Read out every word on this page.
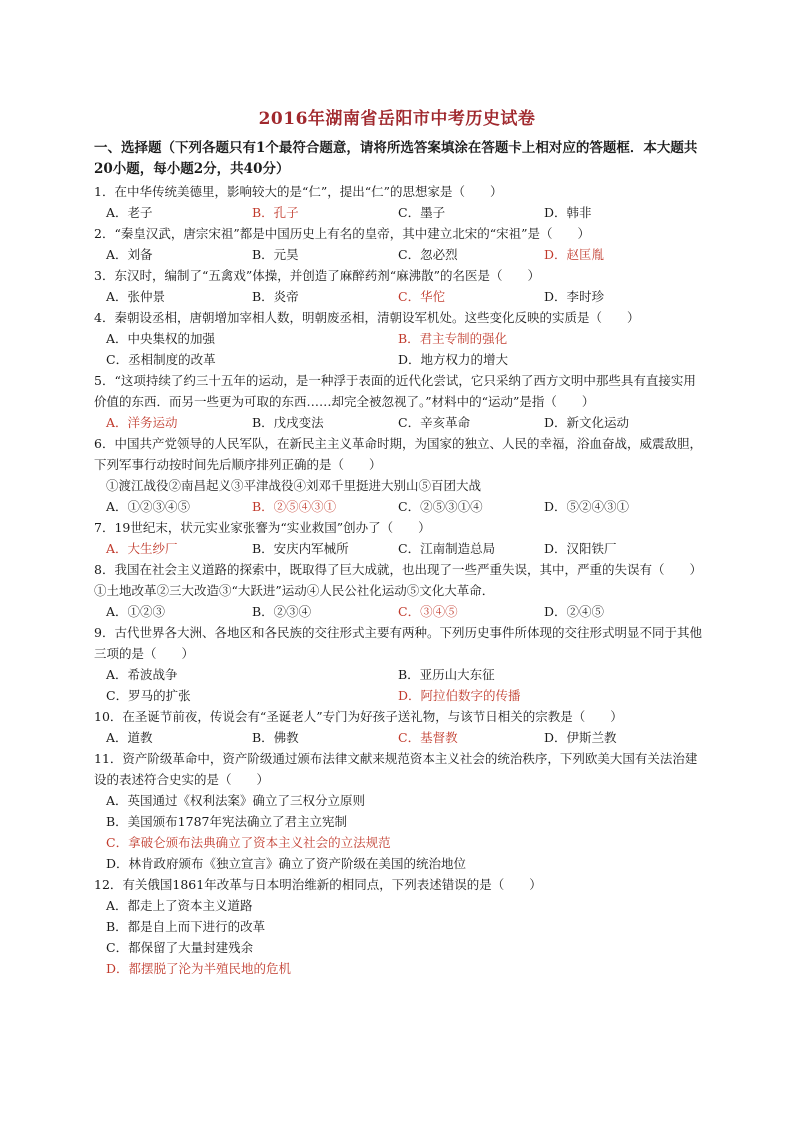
2016年湖南省岳阳市中考历史试卷
一、选择题（下列各题只有1个最符合题意，请将所选答案填涂在答题卡上相对应的答题框．本大题共20小题，每小题2分，共40分）
1．在中华传统美德里，影响较大的是“仁”，提出“仁”的思想家是（　　）
A．老子	B．孔子	C．墨子	D．韩非
2．“秦皇汉武，唐宗宋祖”都是中国历史上有名的皇帝，其中建立北宋的“宋祖”是（　　）
A．刘备	B．元昊	C．忽必烈	D．赵匡胤
3．东汉时，编制了“五禽戏”体操，并创造了麻醉药剂“麻沸散”的名医是（　　）
A．张仲景	B．炎帝	C．华佗	D．李时珍
4．秦朝设丞相，唐朝增加宰相人数，明朝废丞相，清朝设军机处。这些变化反映的实质是（　　）
A．中央集权的加强	B．君主专制的强化
C．丞相制度的改革	D．地方权力的增大
5．“这项持续了约三十五年的运动，是一种浮于表面的近代化尝试，它只采纳了西方文明中那些具有直接实用价值的东西．而另一些更为可取的东西……却完全被忽视了。”材料中的“运动”是指（　　）
A．洋务运动	B．戊戌变法	C．辛亥革命	D．新文化运动
6．中国共产党领导的人民军队，在新民主主义革命时期，为国家的独立、人民的幸福，浴血奋战，威震敌胆，下列军事行动按时间先后顺序排列正确的是（　　）
①渡江战役②南昌起义③平津战役④刘邓千里挺进大别山⑤百团大战
A．①②③④⑤	B．②⑤④③①	C．②⑤③①④	D．⑤②④③①
7．19世纪末，状元实业家张謇为“实业救国”创办了（　　）
A．大生纱厂	B．安庆内军械所	C．江南制造总局	D．汉阳铁厂
8．我国在社会主义道路的探索中，既取得了巨大成就，也出现了一些严重失误，其中，严重的失误有（　　）
①土地改革②三大改造③“大跃进”运动④人民公社化运动⑤文化大革命．
A．①②③	B．②③④	C．③④⑤	D．②④⑤
9．古代世界各大洲、各地区和各民族的交往形式主要有两种。下列历史事件所体现的交往形式明显不同于其他三项的是（　　）
A．希波战争	B．亚历山大东征
C．罗马的扩张	D．阿拉伯数字的传播
10．在圣诞节前夜，传说会有“圣诞老人”专门为好孩子送礼物，与该节日相关的宗教是（　　）
A．道教	B．佛教	C．基督教	D．伊斯兰教
11．资产阶级革命中，资产阶级通过颁布法律文献来规范资本主义社会的统治秩序，下列欧美大国有关法治建设的表述符合史实的是（　　）
A．英国通过《权利法案》确立了三权分立原则
B．美国颁布1787年宪法确立了君主立宪制
C．拿破仑颁布法典确立了资本主义社会的立法规范
D．林肯政府颁布《独立宣言》确立了资产阶级在美国的统治地位
12．有关俄国1861年改革与日本明治维新的相同点，下列表述错误的是（　　）
A．都走上了资本主义道路
B．都是自上而下进行的改革
C．都保留了大量封建残余
D．都摆脱了沦为半殖民地的危机
